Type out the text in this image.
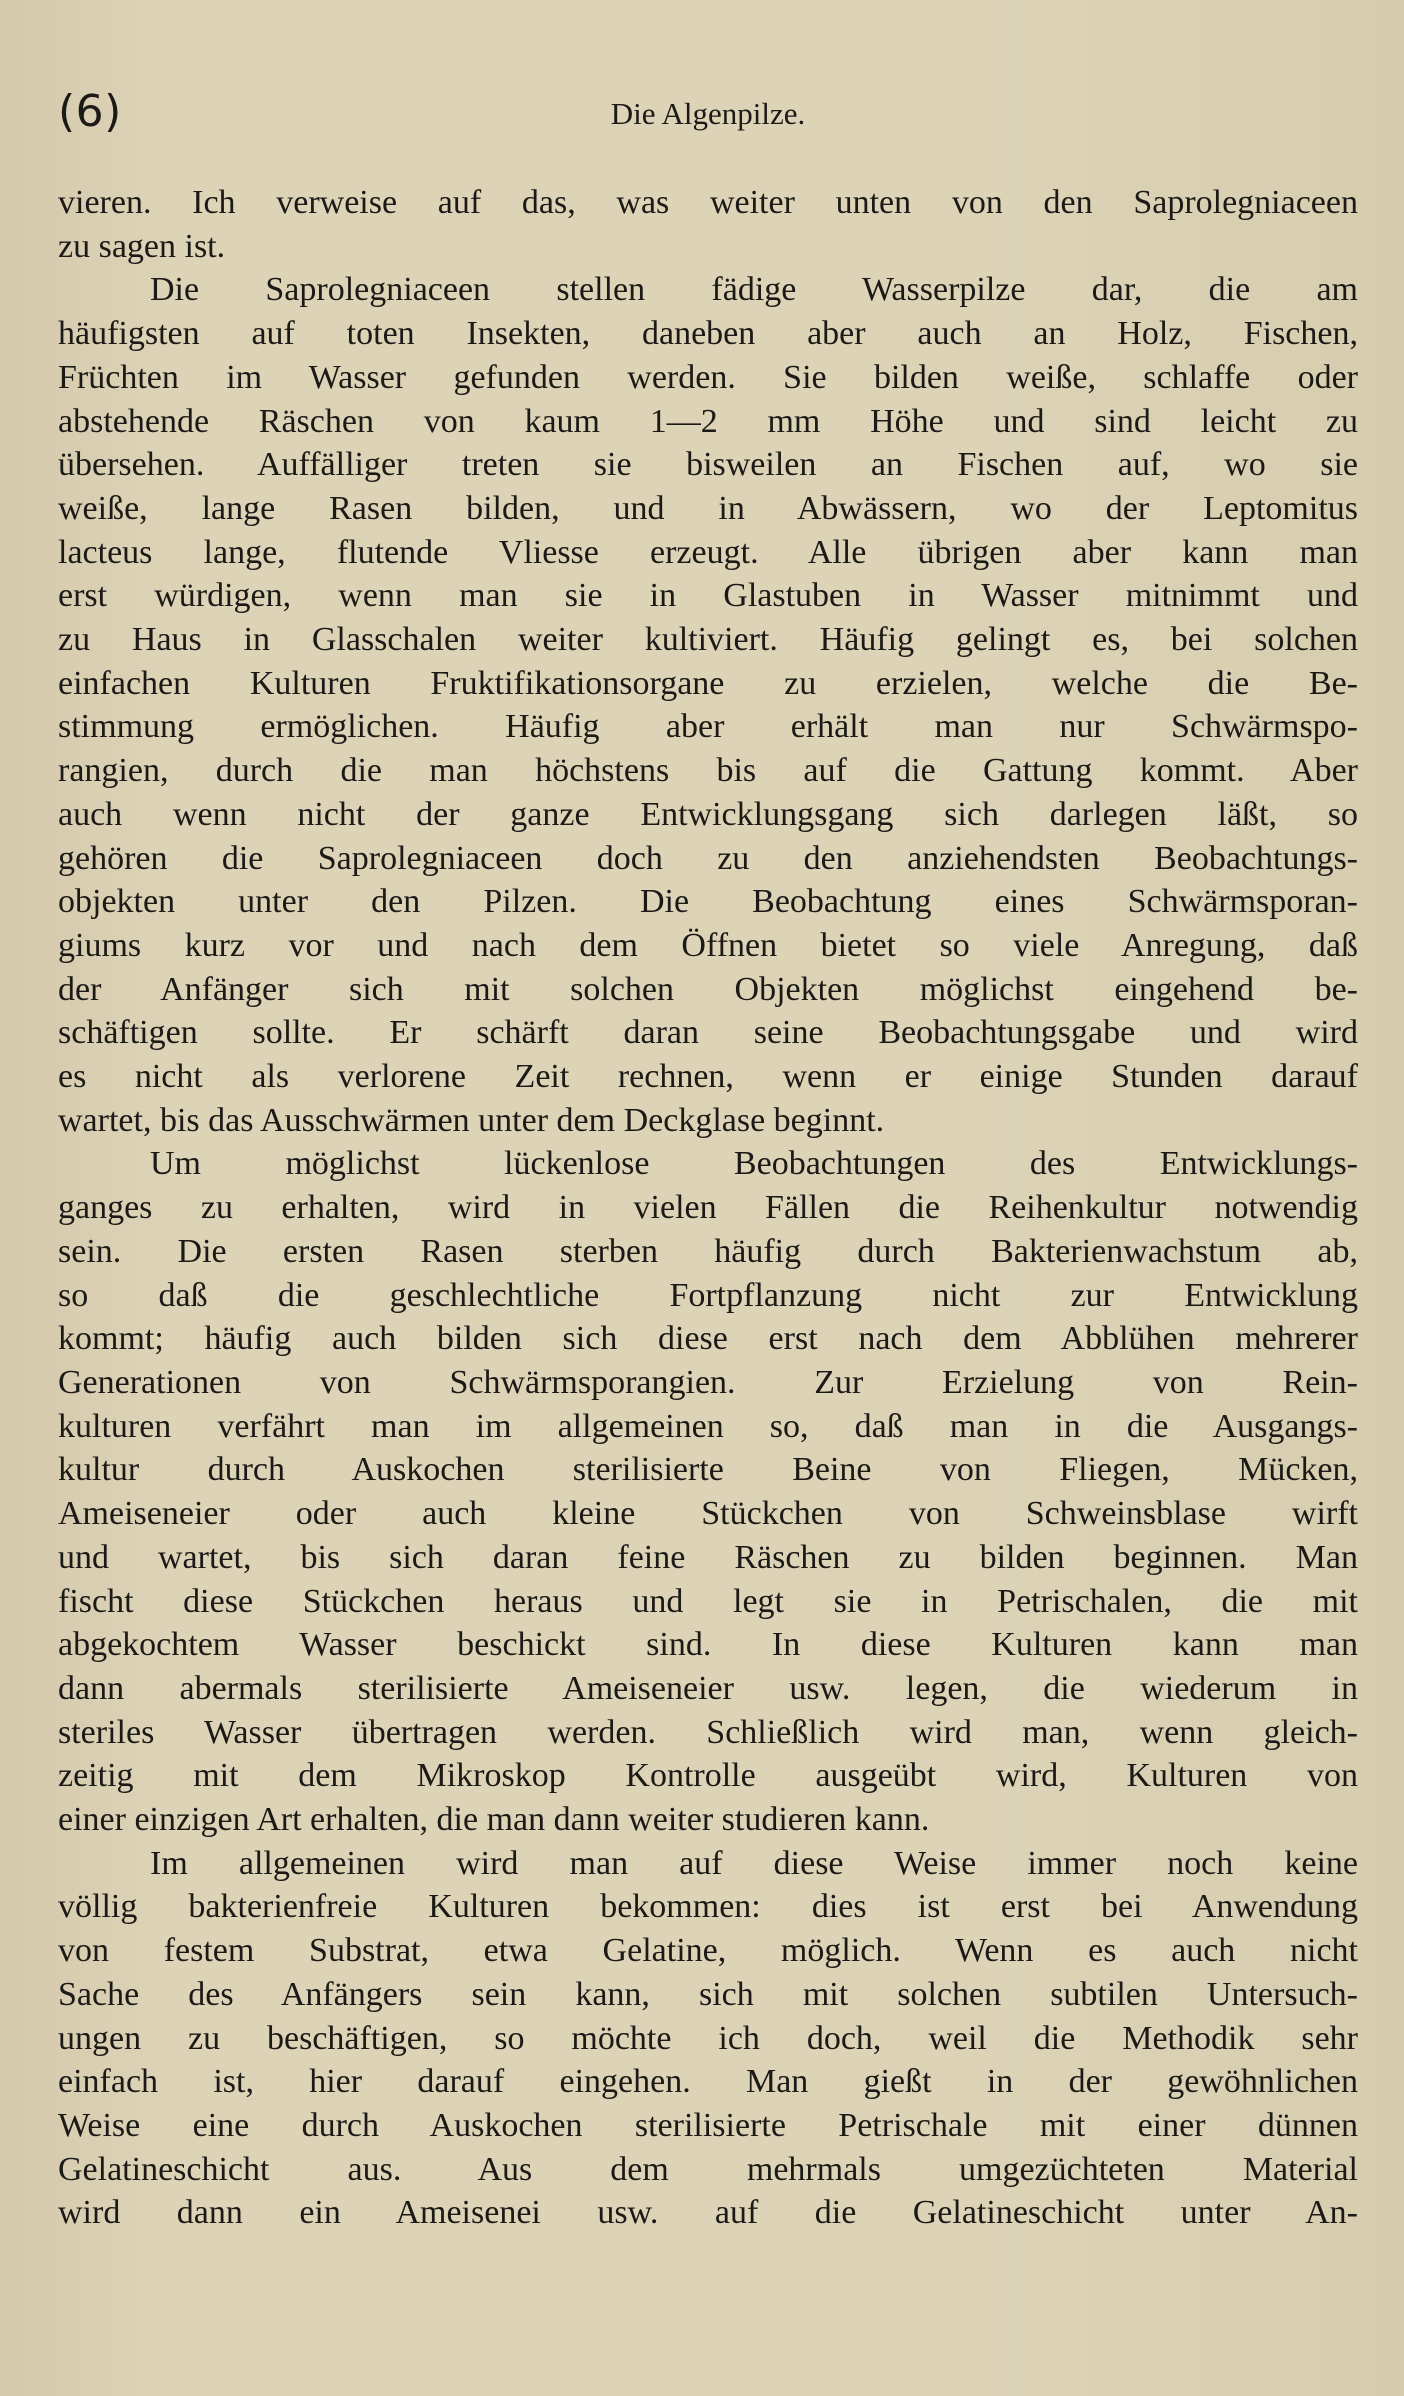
(6)	Die Algenpilze.

vieren. Ich verweise auf das, was weiter unten von den Saprolegniaceen
zu sagen ist.

Die Saprolegniaceen stellen fädige Wasserpilze dar, die am
häufigsten auf toten Insekten, daneben aber auch an Holz, Fischen,
Früchten im Wasser gefunden werden. Sie bilden weiße, schlaffe oder
abstehende Räschen von kaum 1—2 mm Höhe und sind leicht zu
übersehen. Auffälliger treten sie bisweilen an Fischen auf, wo sie
weiße, lange Rasen bilden, und in Abwässern, wo der Leptomitus
lacteus lange, flutende Vliesse erzeugt. Alle übrigen aber kann man
erst würdigen, wenn man sie in Glastuben in Wasser mitnimmt und
zu Haus in Glasschalen weiter kultiviert. Häufig gelingt es, bei solchen
einfachen Kulturen Fruktifikationsorgane zu erzielen, welche die Be-
stimmung ermöglichen. Häufig aber erhält man nur Schwärmspo-
rangien, durch die man höchstens bis auf die Gattung kommt. Aber
auch wenn nicht der ganze Entwicklungsgang sich darlegen läßt, so
gehören die Saprolegniaceen doch zu den anziehendsten Beobachtungs-
objekten unter den Pilzen. Die Beobachtung eines Schwärmsporan-
giums kurz vor und nach dem Öffnen bietet so viele Anregung, daß
der Anfänger sich mit solchen Objekten möglichst eingehend be-
schäftigen sollte. Er schärft daran seine Beobachtungsgabe und wird
es nicht als verlorene Zeit rechnen, wenn er einige Stunden darauf
wartet, bis das Ausschwärmen unter dem Deckglase beginnt.

Um möglichst lückenlose Beobachtungen des Entwicklungs-
ganges zu erhalten, wird in vielen Fällen die Reihenkultur notwendig
sein. Die ersten Rasen sterben häufig durch Bakterienwachstum ab,
so daß die geschlechtliche Fortpflanzung nicht zur Entwicklung
kommt; häufig auch bilden sich diese erst nach dem Abblühen mehrerer
Generationen von Schwärmsporangien. Zur Erzielung von Rein-
kulturen verfährt man im allgemeinen so, daß man in die Ausgangs-
kultur durch Auskochen sterilisierte Beine von Fliegen, Mücken,
Ameiseneier oder auch kleine Stückchen von Schweinsblase wirft
und wartet, bis sich daran feine Räschen zu bilden beginnen. Man
fischt diese Stückchen heraus und legt sie in Petrischalen, die mit
abgekochtem Wasser beschickt sind. In diese Kulturen kann man
dann abermals sterilisierte Ameiseneier usw. legen, die wiederum in
steriles Wasser übertragen werden. Schließlich wird man, wenn gleich-
zeitig mit dem Mikroskop Kontrolle ausgeübt wird, Kulturen von
einer einzigen Art erhalten, die man dann weiter studieren kann.

Im allgemeinen wird man auf diese Weise immer noch keine
völlig bakterienfreie Kulturen bekommen: dies ist erst bei Anwendung
von festem Substrat, etwa Gelatine, möglich. Wenn es auch nicht
Sache des Anfängers sein kann, sich mit solchen subtilen Untersuch-
ungen zu beschäftigen, so möchte ich doch, weil die Methodik sehr
einfach ist, hier darauf eingehen. Man gießt in der gewöhnlichen
Weise eine durch Auskochen sterilisierte Petrischale mit einer dünnen
Gelatineschicht aus. Aus dem mehrmals umgezüchteten Material
wird dann ein Ameisenei usw. auf die Gelatineschicht unter An-
